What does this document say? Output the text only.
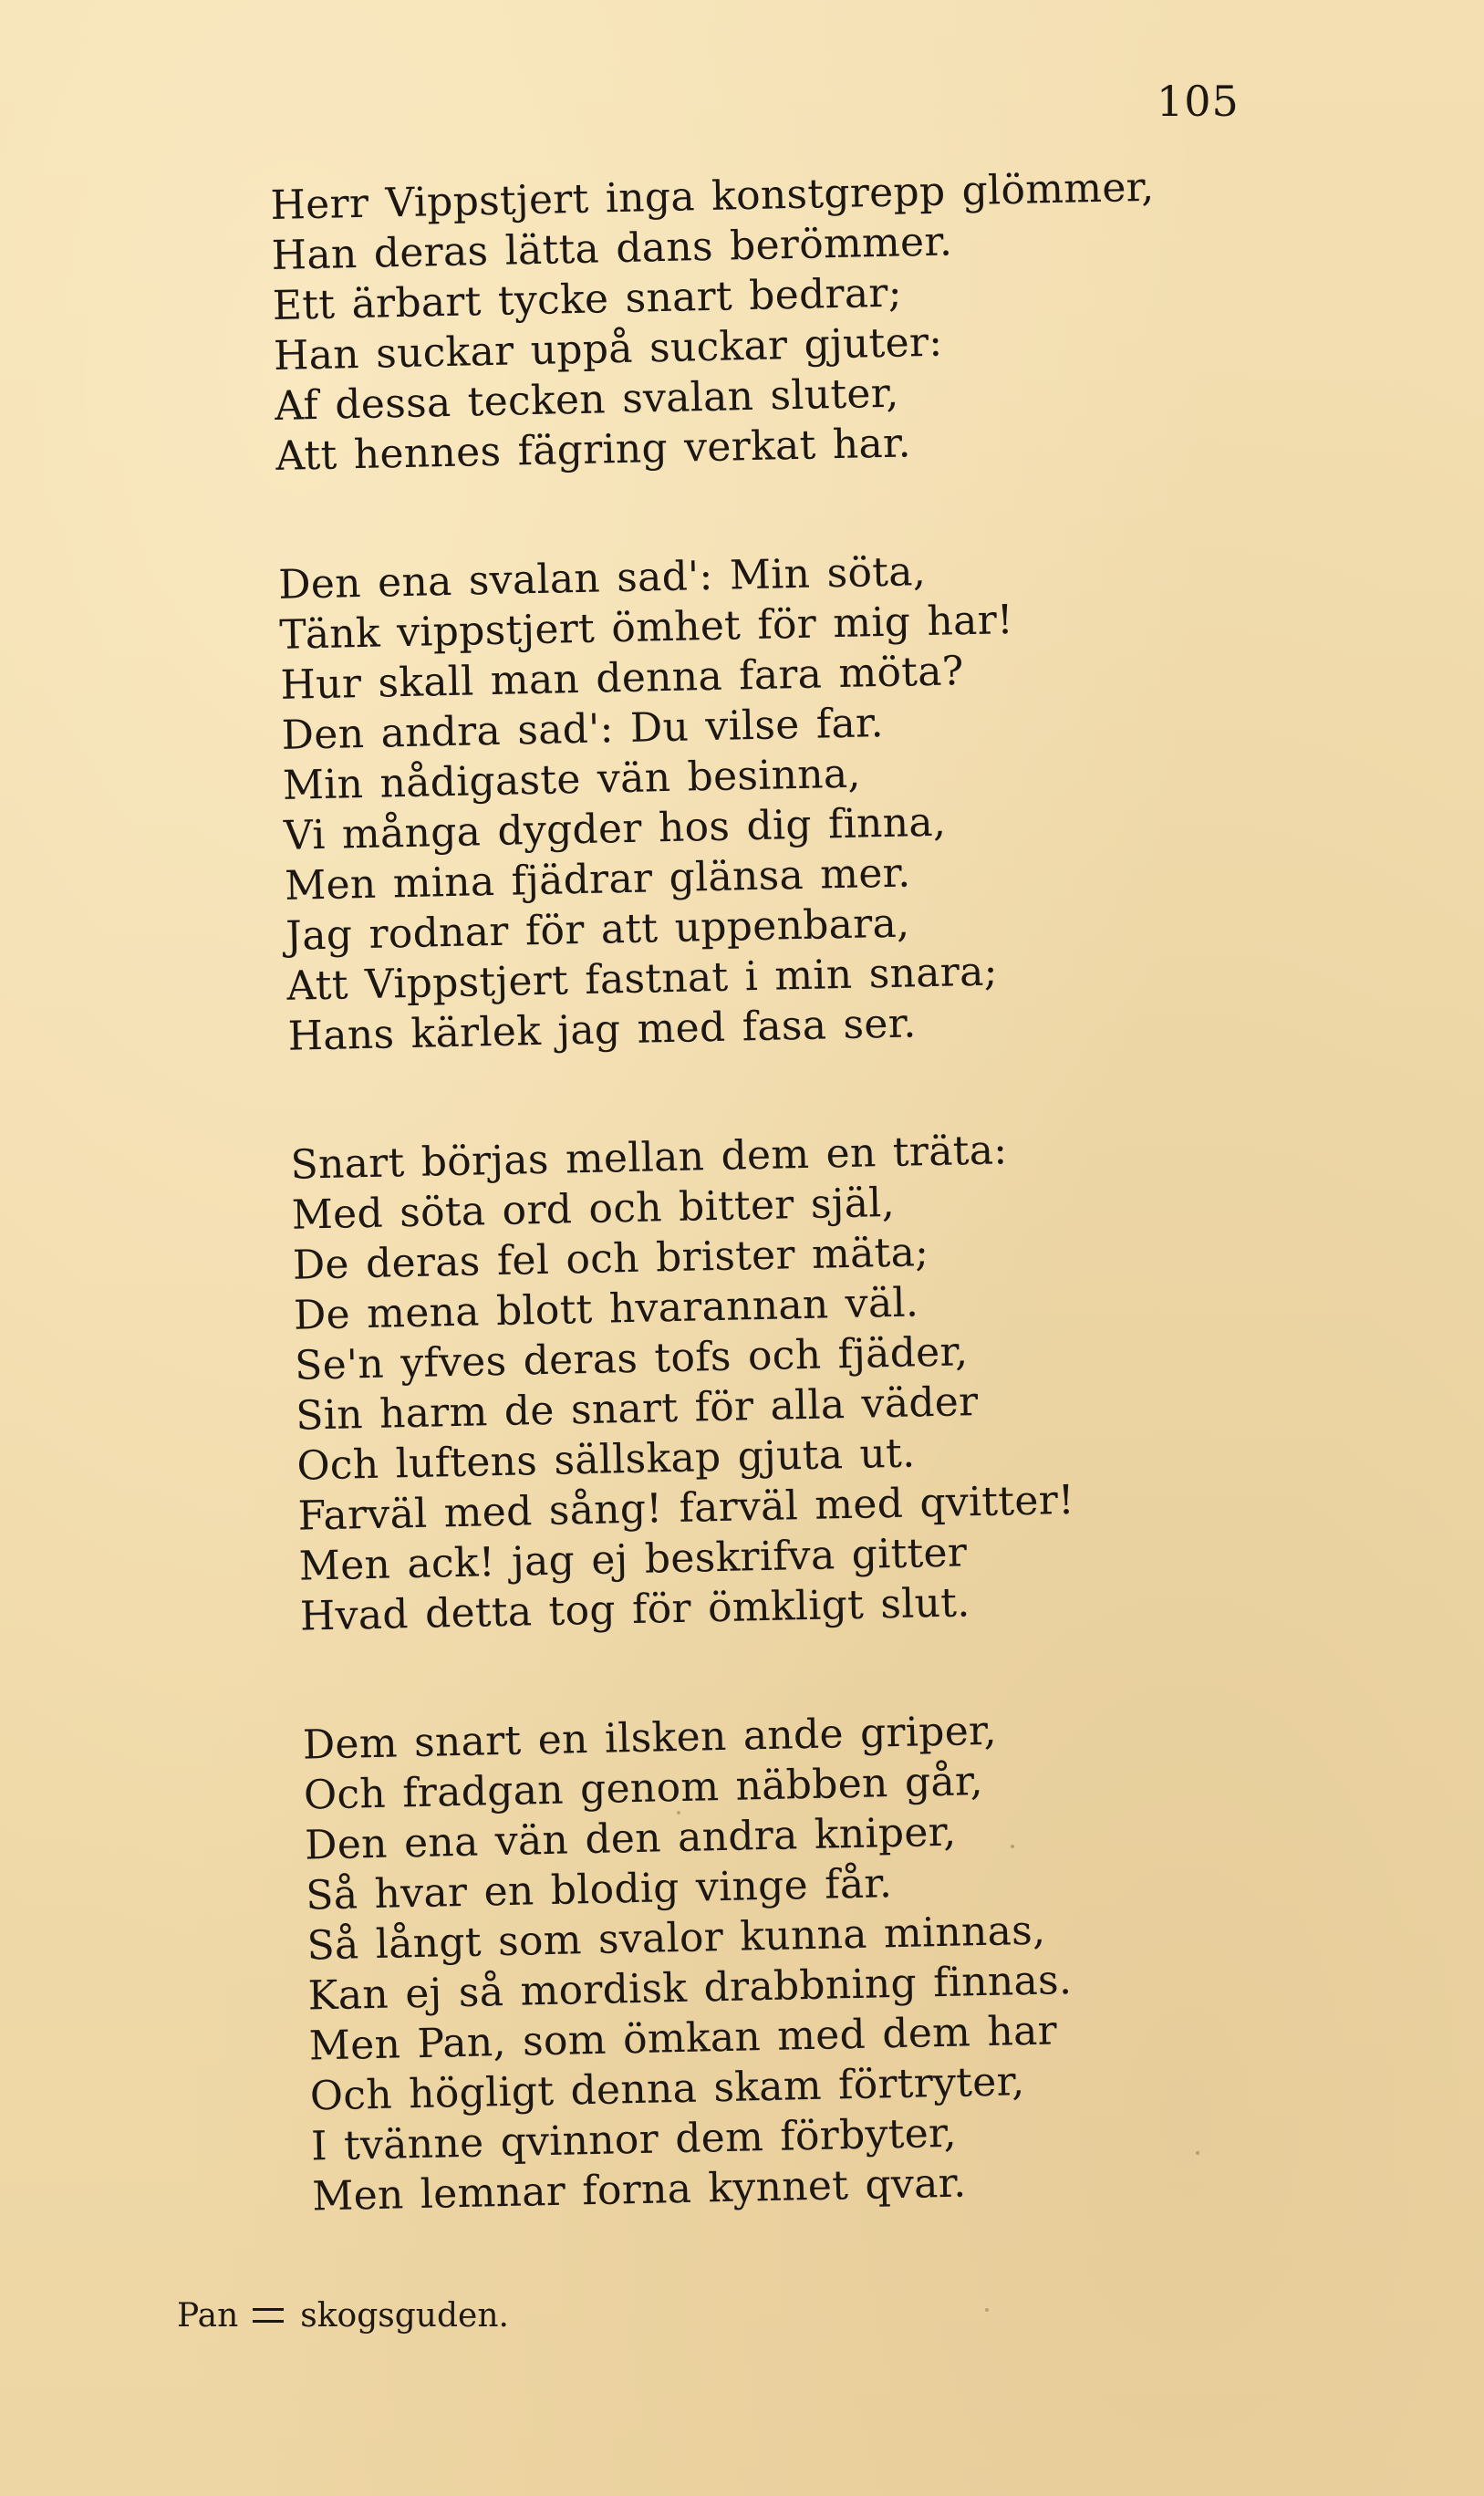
105
Herr Vippstjert inga konstgrepp glömmer,
Han deras lätta dans berömmer.
Ett ärbart tycke snart bedrar;
Han suckar uppå suckar gjuter:
Af dessa tecken svalan sluter,
Att hennes fägring verkat har.
Den ena svalan sad': Min söta,
Tänk vippstjert ömhet för mig har!
Hur skall man denna fara möta?
Den andra sad': Du vilse far.
Min nådigaste vän besinna,
Vi många dygder hos dig finna,
Men mina fjädrar glänsa mer.
Jag rodnar för att uppenbara,
Att Vippstjert fastnat i min snara;
Hans kärlek jag med fasa ser.
Snart börjas mellan dem en träta:
Med söta ord och bitter själ,
De deras fel och brister mäta;
De mena blott hvarannan väl.
Se'n yfves deras tofs och fjäder,
Sin harm de snart för alla väder
Och luftens sällskap gjuta ut.
Farväl med sång! farväl med qvitter!
Men ack! jag ej beskrifva gitter
Hvad detta tog för ömkligt slut.
Dem snart en ilsken ande griper,
Och fradgan genom näbben går,
Den ena vän den andra kniper,
Så hvar en blodig vinge får.
Så långt som svalor kunna minnas,
Kan ej så mordisk drabbning finnas.
Men Pan, som ömkan med dem har
Och högligt denna skam förtryter,
I tvänne qvinnor dem förbyter,
Men lemnar forna kynnet qvar.
Pan skogsguden.
